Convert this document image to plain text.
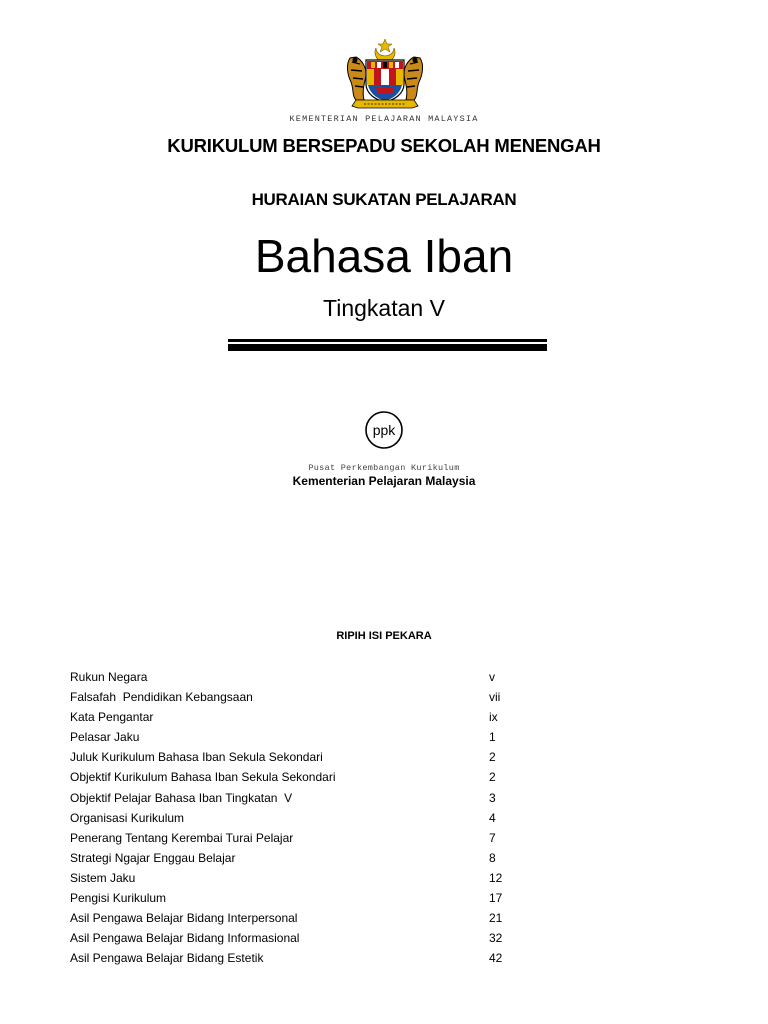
KEMENTERIAN PELAJARAN MALAYSIA
KURIKULUM BERSEPADU SEKOLAH MENENGAH
HURAIAN SUKATAN PELAJARAN
Bahasa Iban
Tingkatan V
ppk
Pusat Perkembangan Kurikulum
Kementerian Pelajaran Malaysia
RIPIH ISI PEKARA
Rukun Negara	v
Falsafah  Pendidikan Kebangsaan	vii
Kata Pengantar	ix
Pelasar Jaku	1
Juluk Kurikulum Bahasa Iban Sekula Sekondari	2
Objektif Kurikulum Bahasa Iban Sekula Sekondari	2
Objektif Pelajar Bahasa Iban Tingkatan  V	3
Organisasi Kurikulum	4
Penerang Tentang Kerembai Turai Pelajar	7
Strategi Ngajar Enggau Belajar	8
Sistem Jaku	12
Pengisi Kurikulum	17
Asil Pengawa Belajar Bidang Interpersonal	21
Asil Pengawa Belajar Bidang Informasional	32
Asil Pengawa Belajar Bidang Estetik	42
